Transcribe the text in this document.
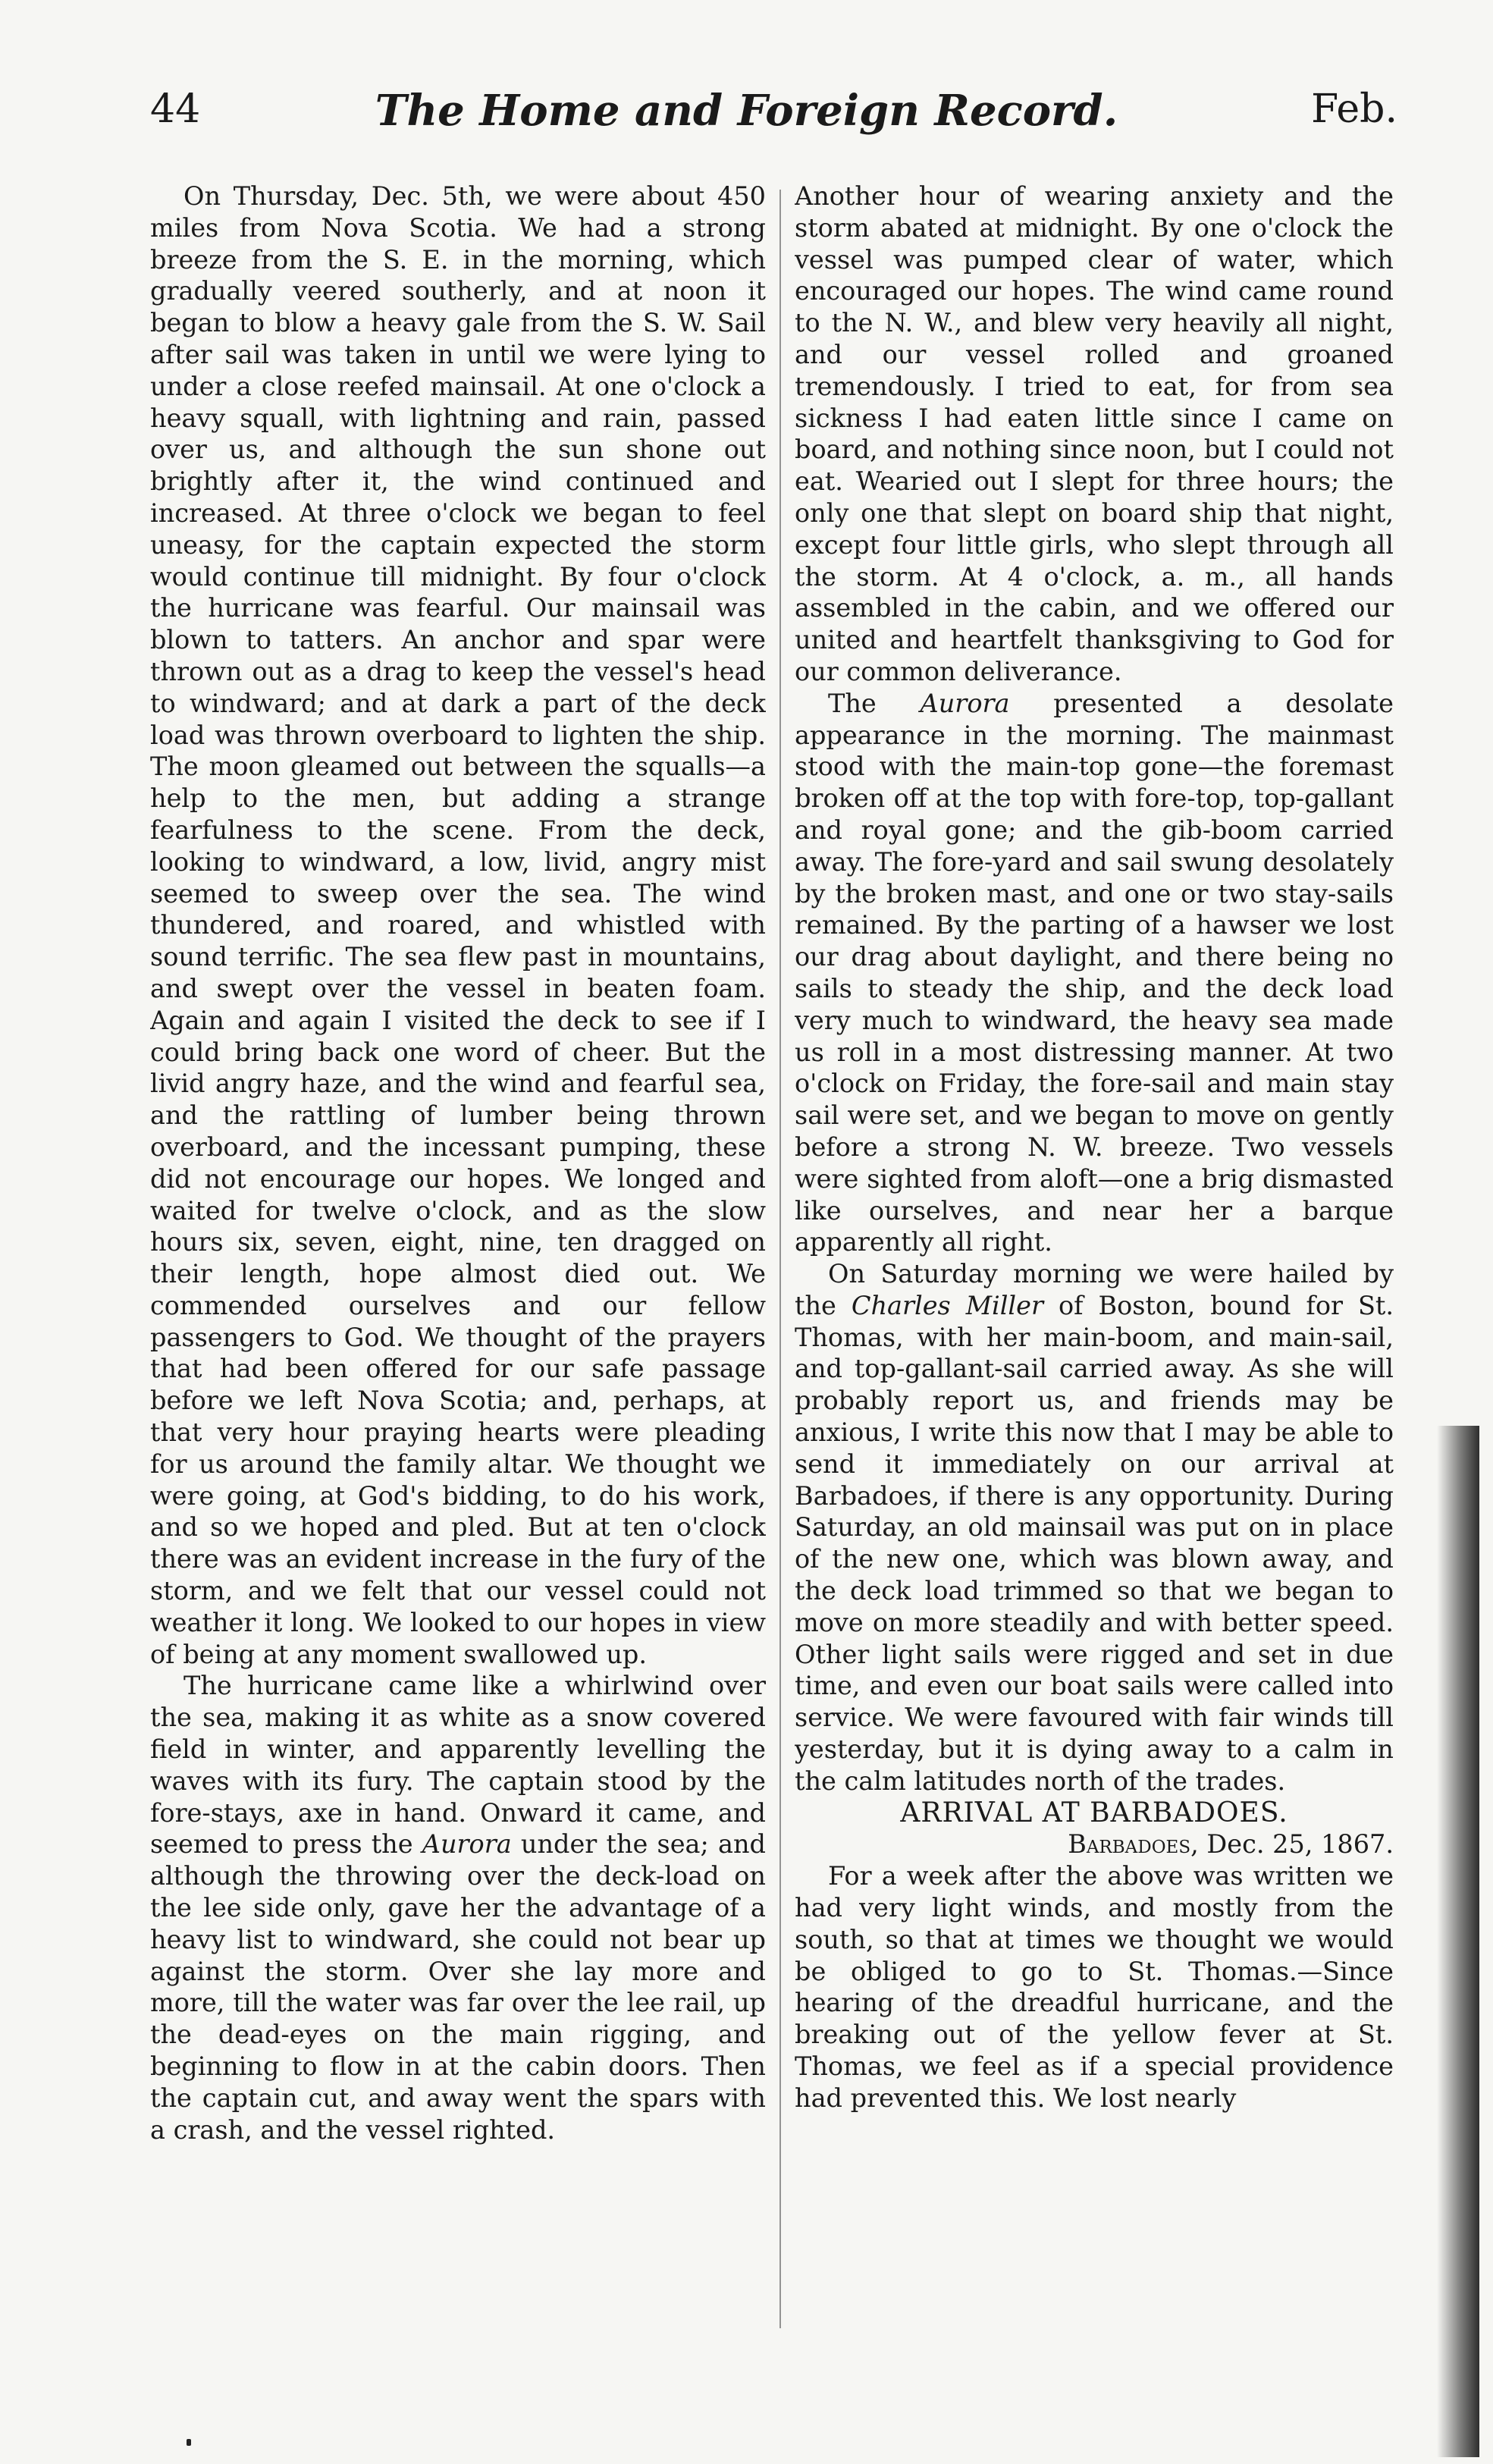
44	The Home and Foreign Record.	Feb.

On Thursday, Dec. 5th, we were about 450 miles from Nova Scotia. We had a strong breeze from the S. E. in the morning, which gradually veered southerly, and at noon it began to blow a heavy gale from the S. W. Sail after sail was taken in until we were lying to under a close reefed mainsail. At one o'clock a heavy squall, with lightning and rain, passed over us, and although the sun shone out brightly after it, the wind continued and increased. At three o'clock we began to feel uneasy, for the captain expected the storm would continue till midnight. By four o'clock the hurricane was fearful. Our mainsail was blown to tatters. An anchor and spar were thrown out as a drag to keep the vessel's head to windward; and at dark a part of the deck load was thrown overboard to lighten the ship. The moon gleamed out between the squalls—a help to the men, but adding a strange fearfulness to the scene. From the deck, looking to windward, a low, livid, angry mist seemed to sweep over the sea. The wind thundered, and roared, and whistled with sound terrific. The sea flew past in mountains, and swept over the vessel in beaten foam. Again and again I visited the deck to see if I could bring back one word of cheer. But the livid angry haze, and the wind and fearful sea, and the rattling of lumber being thrown overboard, and the incessant pumping, these did not encourage our hopes. We longed and waited for twelve o'clock, and as the slow hours six, seven, eight, nine, ten dragged on their length, hope almost died out. We commended ourselves and our fellow passengers to God. We thought of the prayers that had been offered for our safe passage before we left Nova Scotia; and, perhaps, at that very hour praying hearts were pleading for us around the family altar. We thought we were going, at God's bidding, to do his work, and so we hoped and pled. But at ten o'clock there was an evident increase in the fury of the storm, and we felt that our vessel could not weather it long. We looked to our hopes in view of being at any moment swallowed up.

The hurricane came like a whirlwind over the sea, making it as white as a snow covered field in winter, and apparently levelling the waves with its fury. The captain stood by the fore-stays, axe in hand. Onward it came, and seemed to press the Aurora under the sea; and although the throwing over the deck-load on the lee side only, gave her the advantage of a heavy list to windward, she could not bear up against the storm. Over she lay more and more, till the water was far over the lee rail, up the dead-eyes on the main rigging, and beginning to flow in at the cabin doors. Then the captain cut, and away went the spars with a crash, and the vessel righted.

Another hour of wearing anxiety and the storm abated at midnight. By one o'clock the vessel was pumped clear of water, which encouraged our hopes. The wind came round to the N. W., and blew very heavily all night, and our vessel rolled and groaned tremendously. I tried to eat, for from sea sickness I had eaten little since I came on board, and nothing since noon, but I could not eat. Wearied out I slept for three hours; the only one that slept on board ship that night, except four little girls, who slept through all the storm. At 4 o'clock, a. m., all hands assembled in the cabin, and we offered our united and heartfelt thanksgiving to God for our common deliverance.

The Aurora presented a desolate appearance in the morning. The mainmast stood with the main-top gone—the foremast broken off at the top with fore-top, top-gallant and royal gone; and the gib-boom carried away. The fore-yard and sail swung desolately by the broken mast, and one or two stay-sails remained. By the parting of a hawser we lost our drag about daylight, and there being no sails to steady the ship, and the deck load very much to windward, the heavy sea made us roll in a most distressing manner. At two o'clock on Friday, the fore-sail and main stay sail were set, and we began to move on gently before a strong N. W. breeze. Two vessels were sighted from aloft—one a brig dismasted like ourselves, and near her a barque apparently all right.

On Saturday morning we were hailed by the Charles Miller of Boston, bound for St. Thomas, with her main-boom, and main-sail, and top-gallant-sail carried away. As she will probably report us, and friends may be anxious, I write this now that I may be able to send it immediately on our arrival at Barbadoes, if there is any opportunity. During Saturday, an old mainsail was put on in place of the new one, which was blown away, and the deck load trimmed so that we began to move on more steadily and with better speed. Other light sails were rigged and set in due time, and even our boat sails were called into service. We were favoured with fair winds till yesterday, but it is dying away to a calm in the calm latitudes north of the trades.

ARRIVAL AT BARBADOES.

Barbadoes, Dec. 25, 1867.

For a week after the above was written we had very light winds, and mostly from the south, so that at times we thought we would be obliged to go to St. Thomas.—Since hearing of the dreadful hurricane, and the breaking out of the yellow fever at St. Thomas, we feel as if a special providence had prevented this. We lost nearly
